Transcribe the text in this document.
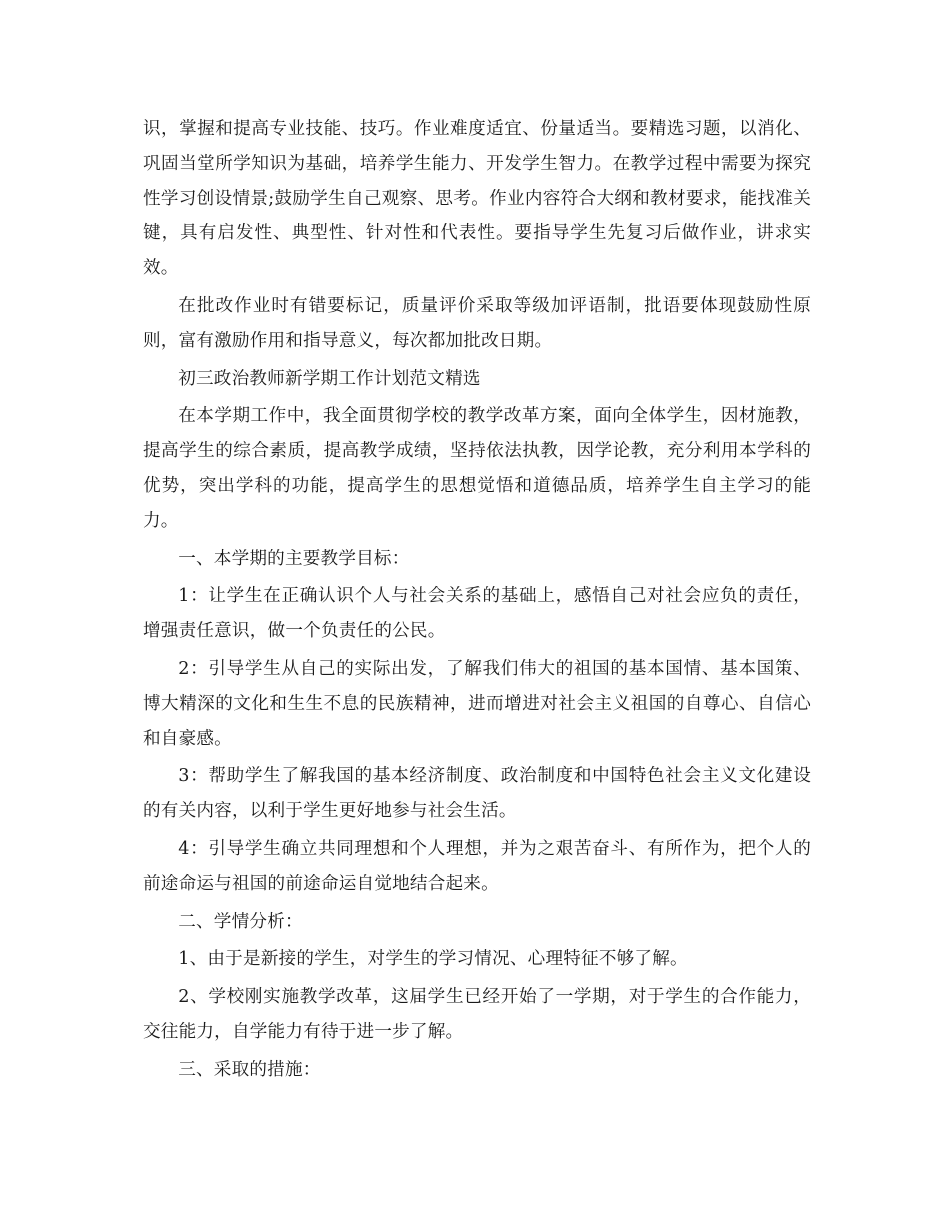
识，掌握和提高专业技能、技巧。作业难度适宜、份量适当。要精选习题，以消化、巩固当堂所学知识为基础，培养学生能力、开发学生智力。在教学过程中需要为探究性学习创设情景;鼓励学生自己观察、思考。作业内容符合大纲和教材要求，能找准关键，具有启发性、典型性、针对性和代表性。要指导学生先复习后做作业，讲求实效。

在批改作业时有错要标记，质量评价采取等级加评语制，批语要体现鼓励性原则，富有激励作用和指导意义，每次都加批改日期。

初三政治教师新学期工作计划范文精选

在本学期工作中，我全面贯彻学校的教学改革方案，面向全体学生，因材施教，提高学生的综合素质，提高教学成绩，坚持依法执教，因学论教，充分利用本学科的优势，突出学科的功能，提高学生的思想觉悟和道德品质，培养学生自主学习的能力。

一、本学期的主要教学目标：

1：让学生在正确认识个人与社会关系的基础上，感悟自己对社会应负的责任，增强责任意识，做一个负责任的公民。

2：引导学生从自己的实际出发，了解我们伟大的祖国的基本国情、基本国策、博大精深的文化和生生不息的民族精神，进而增进对社会主义祖国的自尊心、自信心和自豪感。

3：帮助学生了解我国的基本经济制度、政治制度和中国特色社会主义文化建设的有关内容，以利于学生更好地参与社会生活。

4：引导学生确立共同理想和个人理想，并为之艰苦奋斗、有所作为，把个人的前途命运与祖国的前途命运自觉地结合起来。

二、学情分析：

1、由于是新接的学生，对学生的学习情况、心理特征不够了解。

2、学校刚实施教学改革，这届学生已经开始了一学期，对于学生的合作能力，交往能力，自学能力有待于进一步了解。

三、采取的措施：
